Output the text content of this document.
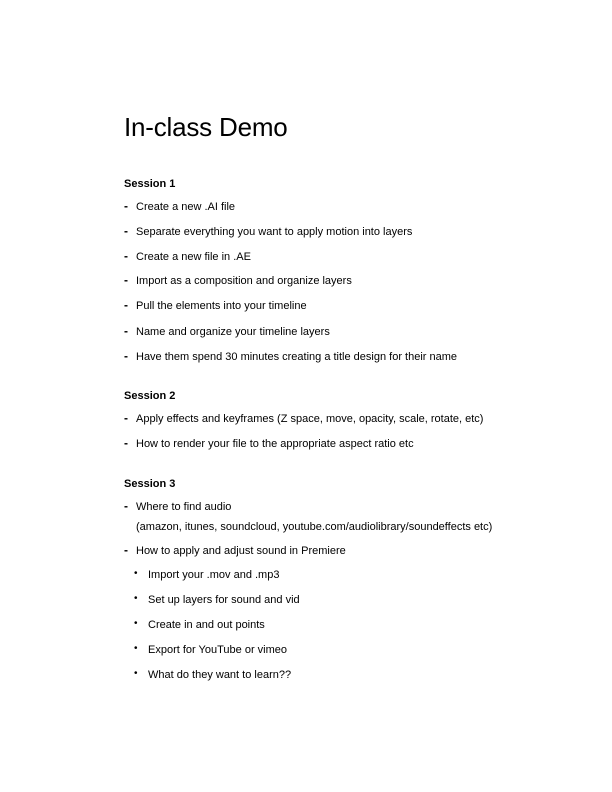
In-class Demo
Session 1
- Create a new .AI file
- Separate everything you want to apply motion into layers
- Create a new file in .AE
- Import as a composition and organize layers
- Pull the elements into your timeline
- Name and organize your timeline layers
- Have them spend 30 minutes creating a title design for their name
Session 2
- Apply effects and keyframes (Z space, move, opacity, scale, rotate, etc)
- How to render your file to the appropriate aspect ratio etc
Session 3
- Where to find audio
(amazon, itunes, soundcloud, youtube.com/audiolibrary/soundeffects etc)
- How to apply and adjust sound in Premiere
• Import your .mov and .mp3
• Set up layers for sound and vid
• Create in and out points
• Export for YouTube or vimeo
• What do they want to learn??
